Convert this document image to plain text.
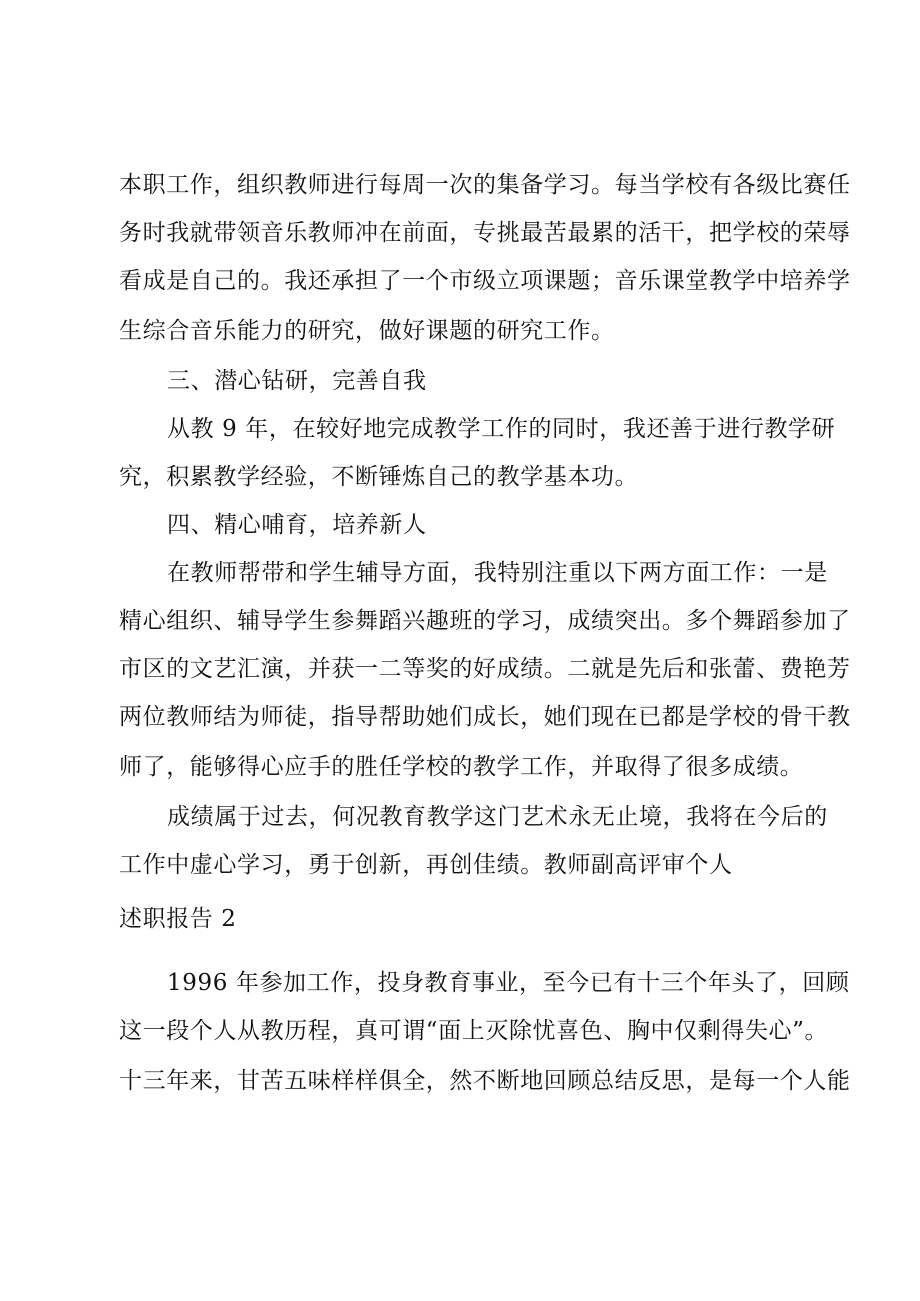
本职工作，组织教师进行每周一次的集备学习。每当学校有各级比赛任
务时我就带领音乐教师冲在前面，专挑最苦最累的活干，把学校的荣辱
看成是自己的。我还承担了一个市级立项课题；音乐课堂教学中培养学
生综合音乐能力的研究，做好课题的研究工作。
三、潜心钻研，完善自我
从教 9 年，在较好地完成教学工作的同时，我还善于进行教学研
究，积累教学经验，不断锤炼自己的教学基本功。
四、精心哺育，培养新人
在教师帮带和学生辅导方面，我特别注重以下两方面工作：一是
精心组织、辅导学生参舞蹈兴趣班的学习，成绩突出。多个舞蹈参加了
市区的文艺汇演，并获一二等奖的好成绩。二就是先后和张蕾、费艳芳
两位教师结为师徒，指导帮助她们成长，她们现在已都是学校的骨干教
师了，能够得心应手的胜任学校的教学工作，并取得了很多成绩。
成绩属于过去，何况教育教学这门艺术永无止境，我将在今后的
工作中虚心学习，勇于创新，再创佳绩。教师副高评审个人
述职报告 2
1996 年参加工作，投身教育事业，至今已有十三个年头了，回顾
这一段个人从教历程，真可谓“面上灭除忧喜色、胸中仅剩得失心”。
十三年来，甘苦五味样样俱全，然不断地回顾总结反思，是每一个人能
